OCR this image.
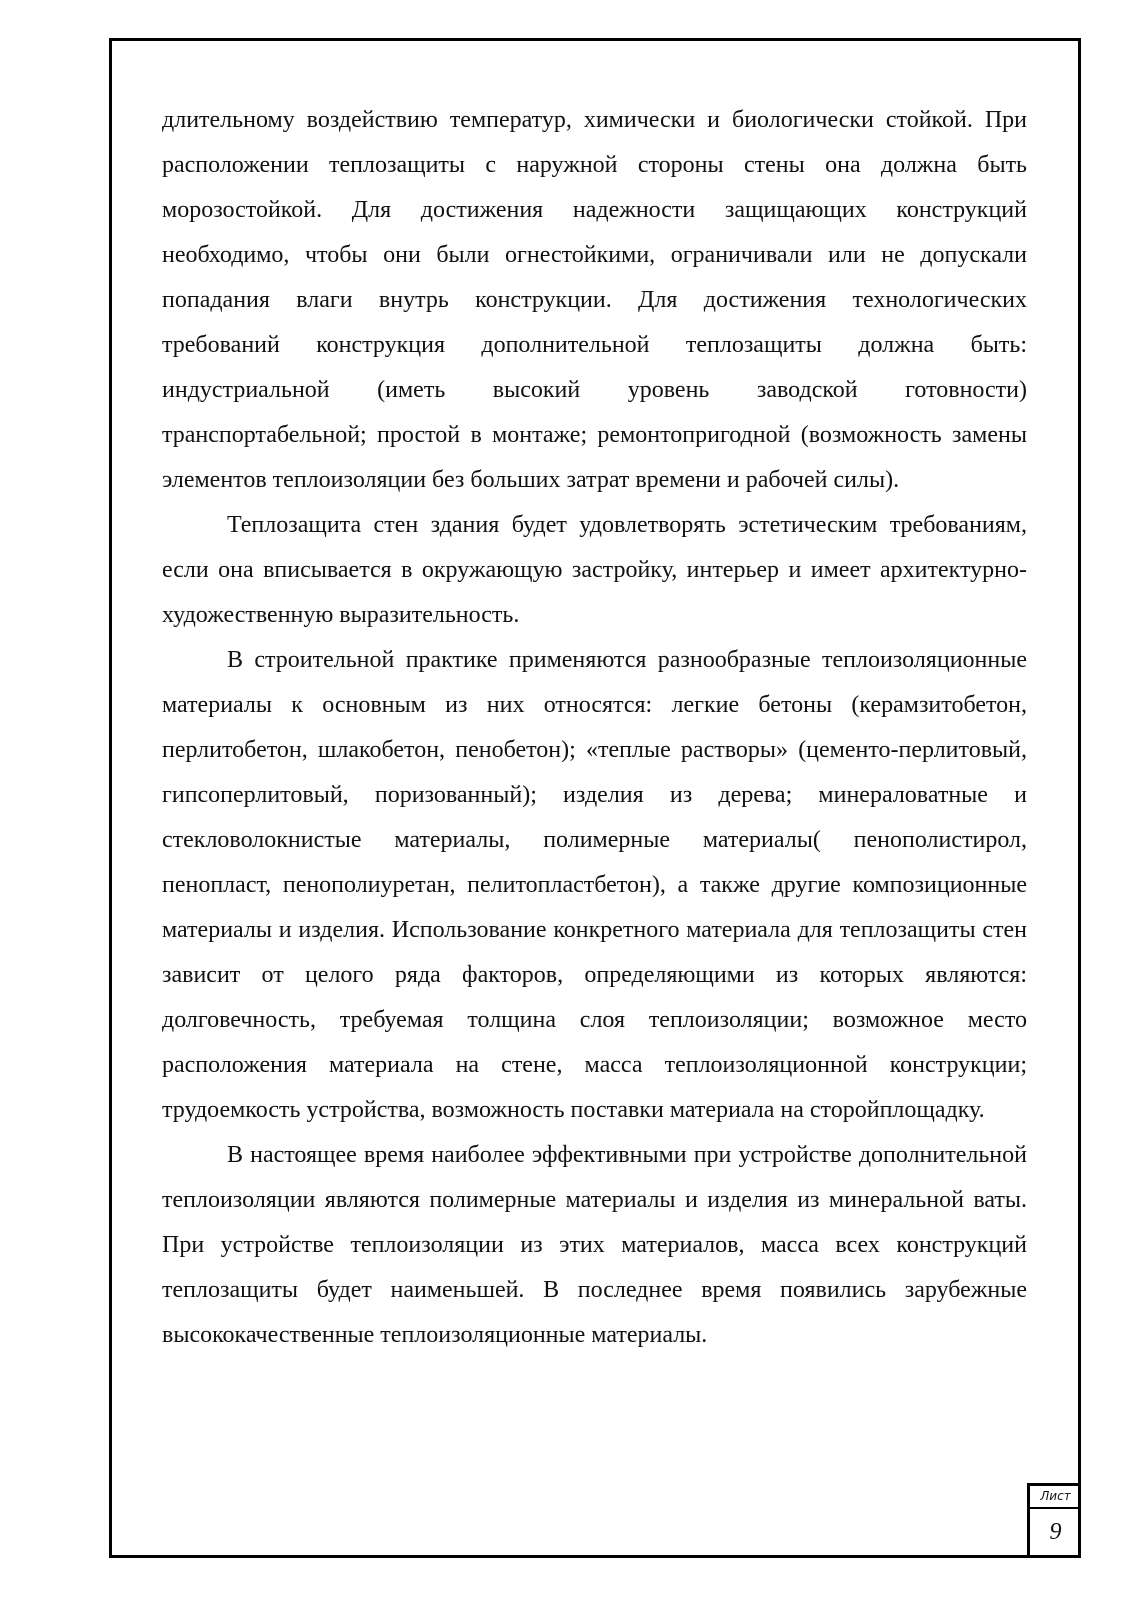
длительному воздействию температур, химически и биологически стойкой. При расположении теплозащиты с наружной стороны стены она должна быть морозостойкой. Для достижения надежности защищающих конструкций необходимо, чтобы они были огнестойкими, ограничивали или не допускали попадания влаги внутрь конструкции. Для достижения технологических требований конструкция дополнительной теплозащиты должна быть: индустриальной (иметь высокий уровень заводской готовности) транспортабельной; простой в монтаже; ремонтопригодной (возможность замены элементов теплоизоляции без больших затрат времени и рабочей силы).

Теплозащита стен здания будет удовлетворять эстетическим требованиям, если она вписывается в окружающую застройку, интерьер и имеет архитектурно-художественную выразительность.

В строительной практике применяются разнообразные теплоизоляционные материалы к основным из них относятся: легкие бетоны (керамзитобетон, перлитобетон, шлакобетон, пенобетон); «теплые растворы» (цементо-перлитовый, гипсоперлитовый, поризованный); изделия из дерева; минераловатные и стекловолокнистые материалы, полимерные материалы( пенополистирол, пенопласт, пенополиуретан, пелитопластбетон), а также другие композиционные материалы и изделия. Использование конкретного материала для теплозащиты стен зависит от целого ряда факторов, определяющими из которых являются: долговечность, требуемая толщина слоя теплоизоляции; возможное место расположения материала на стене, масса теплоизоляционной конструкции; трудоемкость устройства, возможность поставки материала на сторойплощадку.

В настоящее время наиболее эффективными при устройстве дополнительной теплоизоляции являются полимерные материалы и изделия из минеральной ваты. При устройстве теплоизоляции из этих материалов, масса всех конструкций теплозащиты будет наименьшей. В последнее время появились зарубежные высококачественные теплоизоляционные материалы.

Лист
9
